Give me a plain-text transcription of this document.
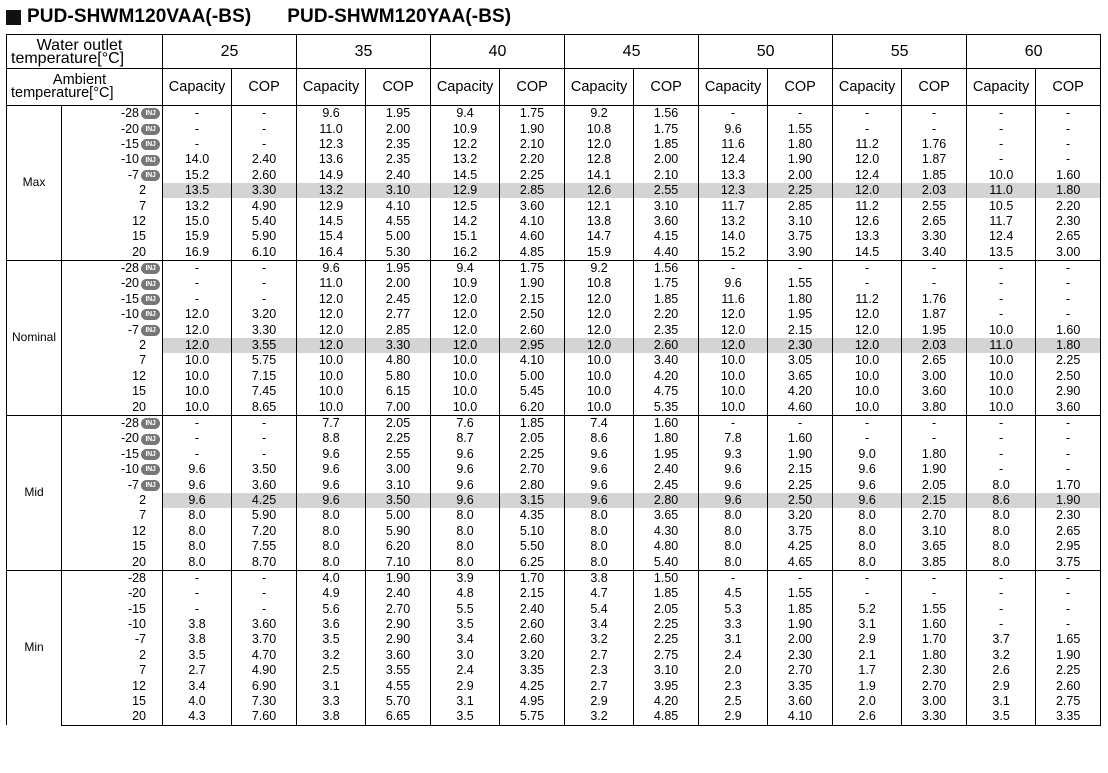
PUD-SHWM120VAA(-BS) PUD-SHWM120YAA(-BS)
Water outlet
temperature[°C]		25		35		40		45		50		55		60	

Ambient
temperature[°C]		Capacity	COP	Capacity	COP	Capacity	COP	Capacity	COP	Capacity	COP	Capacity	COP	Capacity	COP
Max	-28 INJ	-	-	9.6	1.95	9.4	1.75	9.2	1.56	-	-	-	-	-	-
	-20 INJ	-	-	11.0	2.00	10.9	1.90	10.8	1.75	9.6	1.55	-	-	-	-
	-15 INJ	-	-	12.3	2.35	12.2	2.10	12.0	1.85	11.6	1.80	11.2	1.76	-	-
	-10 INJ	14.0	2.40	13.6	2.35	13.2	2.20	12.8	2.00	12.4	1.90	12.0	1.87	-	-
	-7 INJ	15.2	2.60	14.9	2.40	14.5	2.25	14.1	2.10	13.3	2.00	12.4	1.85	10.0	1.60
	2	13.5	3.30	13.2	3.10	12.9	2.85	12.6	2.55	12.3	2.25	12.0	2.03	11.0	1.80
	7	13.2	4.90	12.9	4.10	12.5	3.60	12.1	3.10	11.7	2.85	11.2	2.55	10.5	2.20
	12	15.0	5.40	14.5	4.55	14.2	4.10	13.8	3.60	13.2	3.10	12.6	2.65	11.7	2.30
	15	15.9	5.90	15.4	5.00	15.1	4.60	14.7	4.15	14.0	3.75	13.3	3.30	12.4	2.65
	20	16.9	6.10	16.4	5.30	16.2	4.85	15.9	4.40	15.2	3.90	14.5	3.40	13.5	3.00
Nominal	-28 INJ	-	-	9.6	1.95	9.4	1.75	9.2	1.56	-	-	-	-	-	-
	-20 INJ	-	-	11.0	2.00	10.9	1.90	10.8	1.75	9.6	1.55	-	-	-	-
	-15 INJ	-	-	12.0	2.45	12.0	2.15	12.0	1.85	11.6	1.80	11.2	1.76	-	-
	-10 INJ	12.0	3.20	12.0	2.77	12.0	2.50	12.0	2.20	12.0	1.95	12.0	1.87	-	-
	-7 INJ	12.0	3.30	12.0	2.85	12.0	2.60	12.0	2.35	12.0	2.15	12.0	1.95	10.0	1.60
	2	12.0	3.55	12.0	3.30	12.0	2.95	12.0	2.60	12.0	2.30	12.0	2.03	11.0	1.80
	7	10.0	5.75	10.0	4.80	10.0	4.10	10.0	3.40	10.0	3.05	10.0	2.65	10.0	2.25
	12	10.0	7.15	10.0	5.80	10.0	5.00	10.0	4.20	10.0	3.65	10.0	3.00	10.0	2.50
	15	10.0	7.45	10.0	6.15	10.0	5.45	10.0	4.75	10.0	4.20	10.0	3.60	10.0	2.90
	20	10.0	8.65	10.0	7.00	10.0	6.20	10.0	5.35	10.0	4.60	10.0	3.80	10.0	3.60
Mid	-28 INJ	-	-	7.7	2.05	7.6	1.85	7.4	1.60	-	-	-	-	-	-
	-20 INJ	-	-	8.8	2.25	8.7	2.05	8.6	1.80	7.8	1.60	-	-	-	-
	-15 INJ	-	-	9.6	2.55	9.6	2.25	9.6	1.95	9.3	1.90	9.0	1.80	-	-
	-10 INJ	9.6	3.50	9.6	3.00	9.6	2.70	9.6	2.40	9.6	2.15	9.6	1.90	-	-
	-7 INJ	9.6	3.60	9.6	3.10	9.6	2.80	9.6	2.45	9.6	2.25	9.6	2.05	8.0	1.70
	2	9.6	4.25	9.6	3.50	9.6	3.15	9.6	2.80	9.6	2.50	9.6	2.15	8.6	1.90
	7	8.0	5.90	8.0	5.00	8.0	4.35	8.0	3.65	8.0	3.20	8.0	2.70	8.0	2.30
	12	8.0	7.20	8.0	5.90	8.0	5.10	8.0	4.30	8.0	3.75	8.0	3.10	8.0	2.65
	15	8.0	7.55	8.0	6.20	8.0	5.50	8.0	4.80	8.0	4.25	8.0	3.65	8.0	2.95
	20	8.0	8.70	8.0	7.10	8.0	6.25	8.0	5.40	8.0	4.65	8.0	3.85	8.0	3.75
Min	-28	-	-	4.0	1.90	3.9	1.70	3.8	1.50	-	-	-	-	-	-
	-20	-	-	4.9	2.40	4.8	2.15	4.7	1.85	4.5	1.55	-	-	-	-
	-15	-	-	5.6	2.70	5.5	2.40	5.4	2.05	5.3	1.85	5.2	1.55	-	-
	-10	3.8	3.60	3.6	2.90	3.5	2.60	3.4	2.25	3.3	1.90	3.1	1.60	-	-
	-7	3.8	3.70	3.5	2.90	3.4	2.60	3.2	2.25	3.1	2.00	2.9	1.70	3.7	1.65
	2	3.5	4.70	3.2	3.60	3.0	3.20	2.7	2.75	2.4	2.30	2.1	1.80	3.2	1.90
	7	2.7	4.90	2.5	3.55	2.4	3.35	2.3	3.10	2.0	2.70	1.7	2.30	2.6	2.25
	12	3.4	6.90	3.1	4.55	2.9	4.25	2.7	3.95	2.3	3.35	1.9	2.70	2.9	2.60
	15	4.0	7.30	3.3	5.70	3.1	4.95	2.9	4.20	2.5	3.60	2.0	3.00	3.1	2.75
	20	4.3	7.60	3.8	6.65	3.5	5.75	3.2	4.85	2.9	4.10	2.6	3.30	3.5	3.35
